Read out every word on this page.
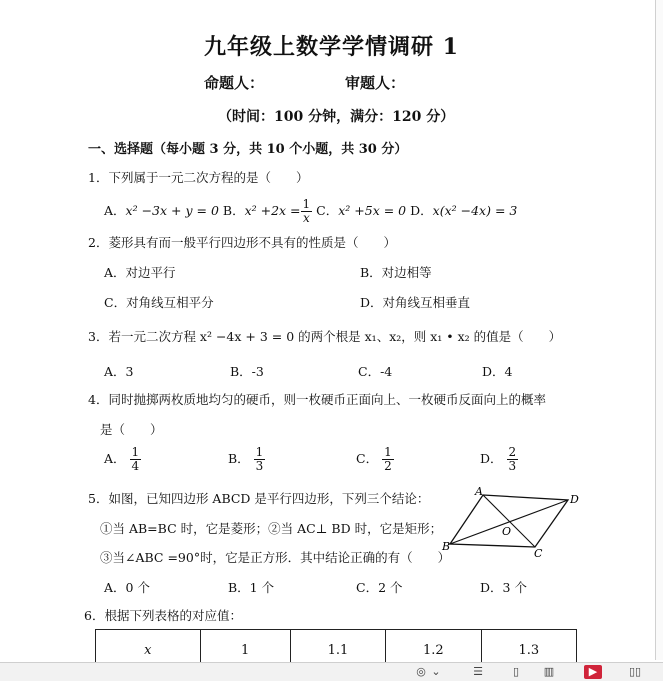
九年级上数学学情调研 1
命题人：	审题人：
（时间：100 分钟，满分：120 分）
一、选择题（每小题 3 分，共 10 个小题，共 30 分）
1．下列属于一元二次方程的是（　　）
A．x² −3x + y = 0 B．$x^2 +2x = \frac{1}{x}$ C．x² +5x = 0 D．x(x² −4x) = 3
2．菱形具有而一般平行四边形不具有的性质是（　　）
A．对边平行	B．对边相等
C．对角线互相平分	D．对角线互相垂直
3．若一元二次方程 x² −4x + 3 = 0 的两个根是 x₁、x₂，则 x₁ • x₂ 的值是（　　）
A．3	B．-3	C．-4	D．4
4．同时抛掷两枚质地均匀的硬币，则一枚硬币正面向上、一枚硬币反面向上的概率
是（　　）
A． $\frac{1}{4}$	B． $\frac{1}{3}$	C． $\frac{1}{2}$	D． $\frac{2}{3}$
5．如图，已知四边形 ABCD 是平行四边形，下列三个结论：
①当 AB=BC 时，它是菱形；②当 AC⊥ BD 时，它是矩形；
③当∠ABC =90°时，它是正方形．其中结论正确的有（　　）
A．0 个	B．1 个	C．2 个	D．3 个
A
D
B
C
O
6．根据下列表格的对应值：
x	1	1.1	1.2	1.3
◎ ⌄	☰	▯	▥	▶	▯▯
